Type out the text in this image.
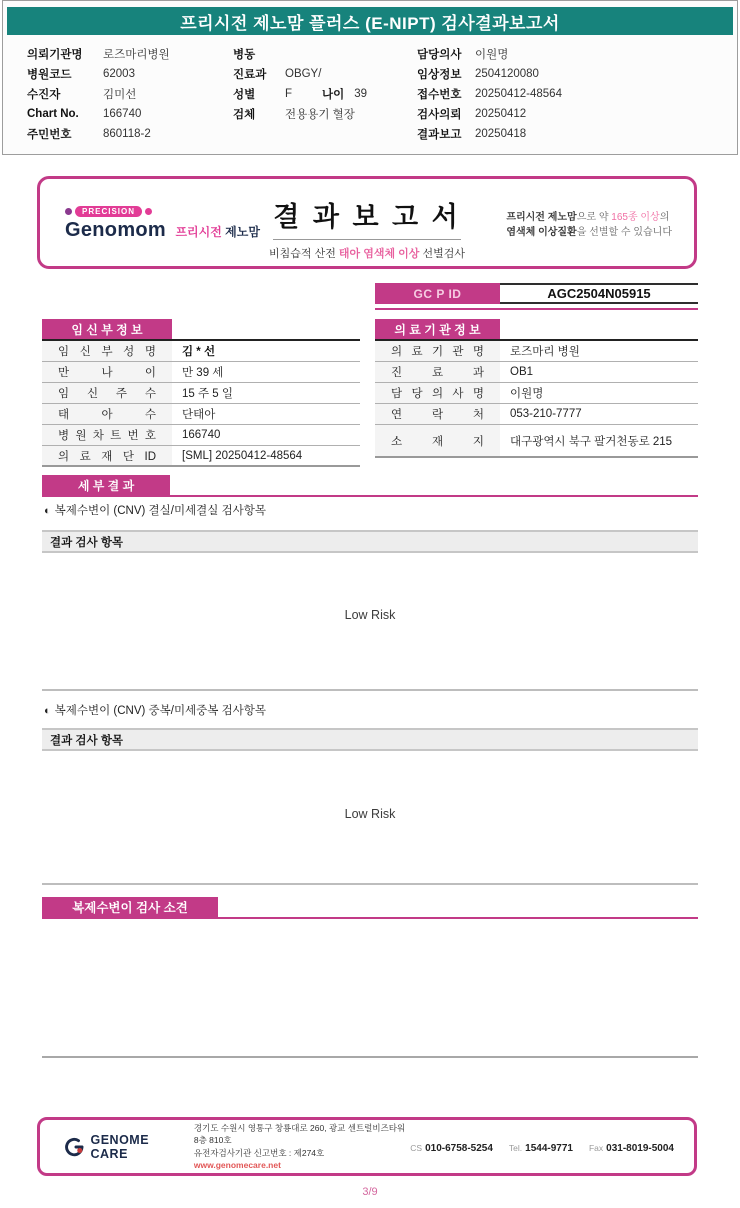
프리시전 제노맘 플러스 (E-NIPT) 검사결과보고서
의뢰기관명	로즈마리병원
병원코드	62003
수진자	김미선
Chart No.	166740
주민번호	860118-2
병동
진료과	OBGY/
성별	F	나이 39
검체	전용용기 혈장
담당의사	이원명
임상정보	2504120080
접수번호	20250412-48564
검사의뢰	20250412
결과보고	20250418
PRECISION
Genomom 프리시전 제노맘 결 과 보 고 서
비침습적 산전 태아 염색체 이상 선별검사
프리시전 제노맘으로 약 165종 이상의
염색체 이상질환을 선별할 수 있습니다
GC P ID	AGC2504N05915
임 신 부 정 보
임 신 부 성 명	김 * 선
만 나 이	만 39 세
임 신 주 수	15 주 5 일
태 아 수	단태아
병 원 차 트 번 호	166740
의 료 재 단 ID	[SML] 20250412-48564
의 료 기 관 정 보
의 료 기 관 명	로즈마리 병원
진 료 과	OB1
담 당 의 사 명	이원명
연 락 처	053-210-7777
소 재 지	대구광역시 북구 팔거천동로 215
세 부 결 과
◐ 복제수변이 (CNV) 결실/미세결실 검사항목
결과 검사 항목
Low Risk
◐ 복제수변이 (CNV) 중복/미세중복 검사항목
결과 검사 항목
Low Risk
복제수변이 검사 소견
GENOME CARE
경기도 수원시 영통구 창룡대로 260, 광교 센트럴비즈타워 8층 810호
유전자검사기관 신고번호 : 제274호
www.genomecare.net
CS 010-6758-5254 Tel. 1544-9771 Fax 031-8019-5004
3/9
